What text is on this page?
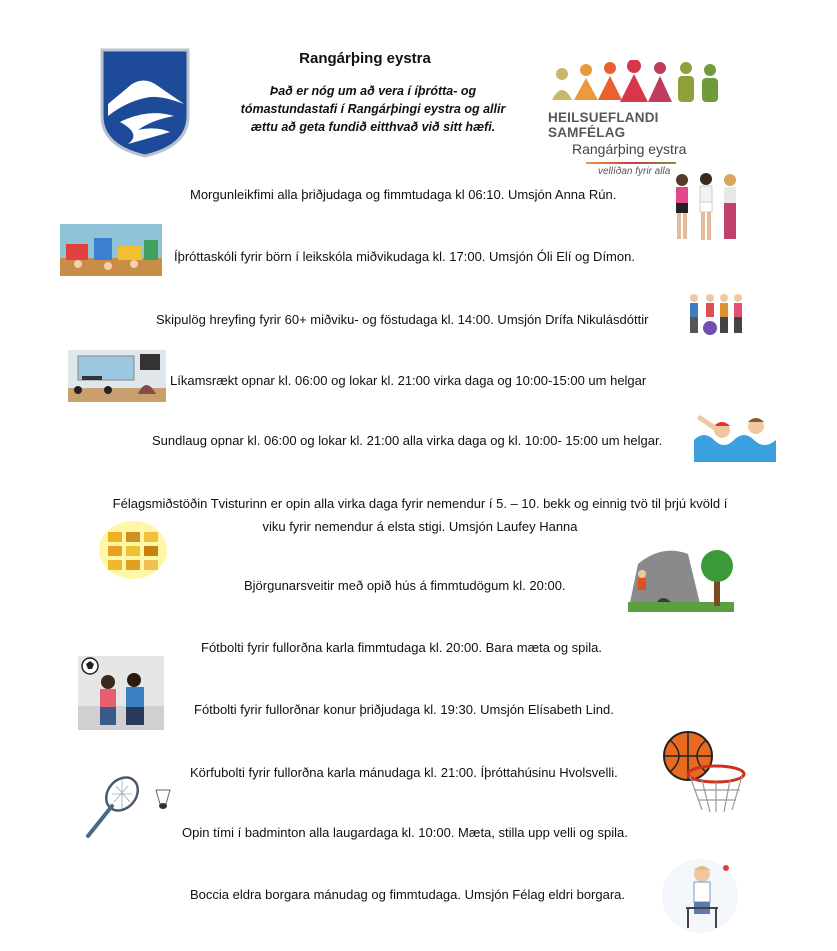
Rangárþing eystra
Það er nóg um að vera í íþrótta- og tómastundastafi í Rangárþingi eystra og allir ættu að geta fundið eitthvað við sitt hæfi.
HEILSUEFLANDI SAMFÉLAG
Rangárþing eystra
vellíðan fyrir alla
Morgunleikfimi alla þriðjudaga og fimmtudaga kl 06:10. Umsjón Anna Rún.
Íþróttaskóli fyrir börn í leikskóla miðvikudaga kl. 17:00. Umsjón Óli Elí og Dímon.
Skipulög hreyfing fyrir 60+ miðviku- og föstudaga kl. 14:00. Umsjón Drífa Nikulásdóttir
Líkamsrækt opnar kl. 06:00 og lokar kl. 21:00 virka daga og 10:00-15:00 um helgar
Sundlaug opnar kl. 06:00 og lokar kl. 21:00 alla virka daga og kl. 10:00- 15:00 um helgar.
Félagsmiðstöðin Tvisturinn er opin alla virka daga fyrir nemendur í 5. – 10. bekk og einnig tvö til þrjú kvöld í viku fyrir nemendur á elsta stigi. Umsjón Laufey Hanna
Björgunarsveitir með opið hús á fimmtudögum kl. 20:00.
Fótbolti fyrir fullorðna karla fimmtudaga kl. 20:00. Bara mæta og spila.
Fótbolti fyrir fullorðnar konur þriðjudaga kl. 19:30. Umsjón Elísabeth Lind.
Körfubolti fyrir fullorðna karla mánudaga kl. 21:00. Íþróttahúsinu Hvolsvelli.
Opin tími í badminton alla laugardaga kl. 10:00. Mæta, stilla upp velli og spila.
Boccia eldra borgara mánudag og fimmtudaga. Umsjón Félag eldri borgara.
